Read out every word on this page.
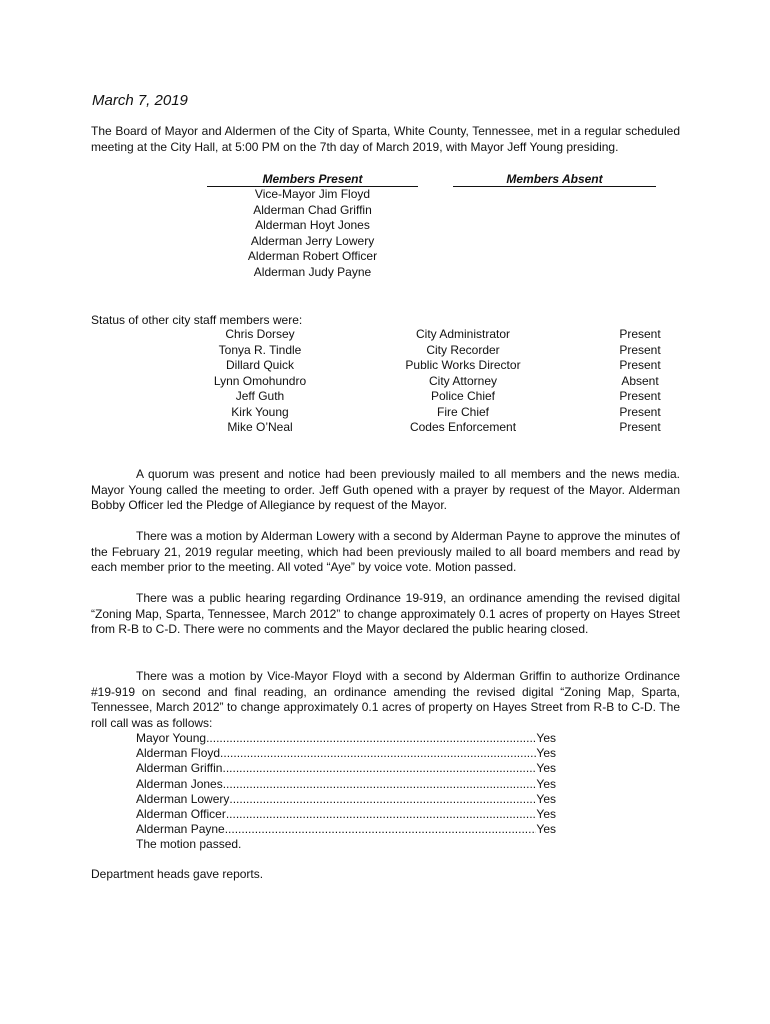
March 7, 2019

The Board of Mayor and Aldermen of the City of Sparta, White County, Tennessee, met in a regular scheduled meeting at the City Hall, at 5:00 PM on the 7th day of March 2019, with Mayor Jeff Young presiding.

Members Present	Members Absent
Vice-Mayor Jim Floyd
Alderman Chad Griffin
Alderman Hoyt Jones
Alderman Jerry Lowery
Alderman Robert Officer
Alderman Judy Payne
Status of other city staff members were:
Chris Dorsey	City Administrator	Present
Tonya R. Tindle	City Recorder	Present
Dillard Quick	Public Works Director	Present
Lynn Omohundro	City Attorney	Absent
Jeff Guth	Police Chief	Present
Kirk Young	Fire Chief	Present
Mike O’Neal	Codes Enforcement	Present

A quorum was present and notice had been previously mailed to all members and the news media. Mayor Young called the meeting to order. Jeff Guth opened with a prayer by request of the Mayor. Alderman Bobby Officer led the Pledge of Allegiance by request of the Mayor.

There was a motion by Alderman Lowery with a second by Alderman Payne to approve the minutes of the February 21, 2019 regular meeting, which had been previously mailed to all board members and read by each member prior to the meeting. All voted “Aye” by voice vote. Motion passed.

There was a public hearing regarding Ordinance 19-919, an ordinance amending the revised digital “Zoning Map, Sparta, Tennessee, March 2012” to change approximately 0.1 acres of property on Hayes Street from R-B to C-D. There were no comments and the Mayor declared the public hearing closed.

There was a motion by Vice-Mayor Floyd with a second by Alderman Griffin to authorize Ordinance #19-919 on second and final reading, an ordinance amending the revised digital “Zoning Map, Sparta, Tennessee, March 2012” to change approximately 0.1 acres of property on Hayes Street from R-B to C-D. The roll call was as follows:

Mayor Young .....	Yes
Alderman Floyd .....	Yes
Alderman Griffin .....	Yes
Alderman Jones .....	Yes
Alderman Lowery .....	Yes
Alderman Officer .....	Yes
Alderman Payne .....	Yes
The motion passed.
Department heads gave reports.
